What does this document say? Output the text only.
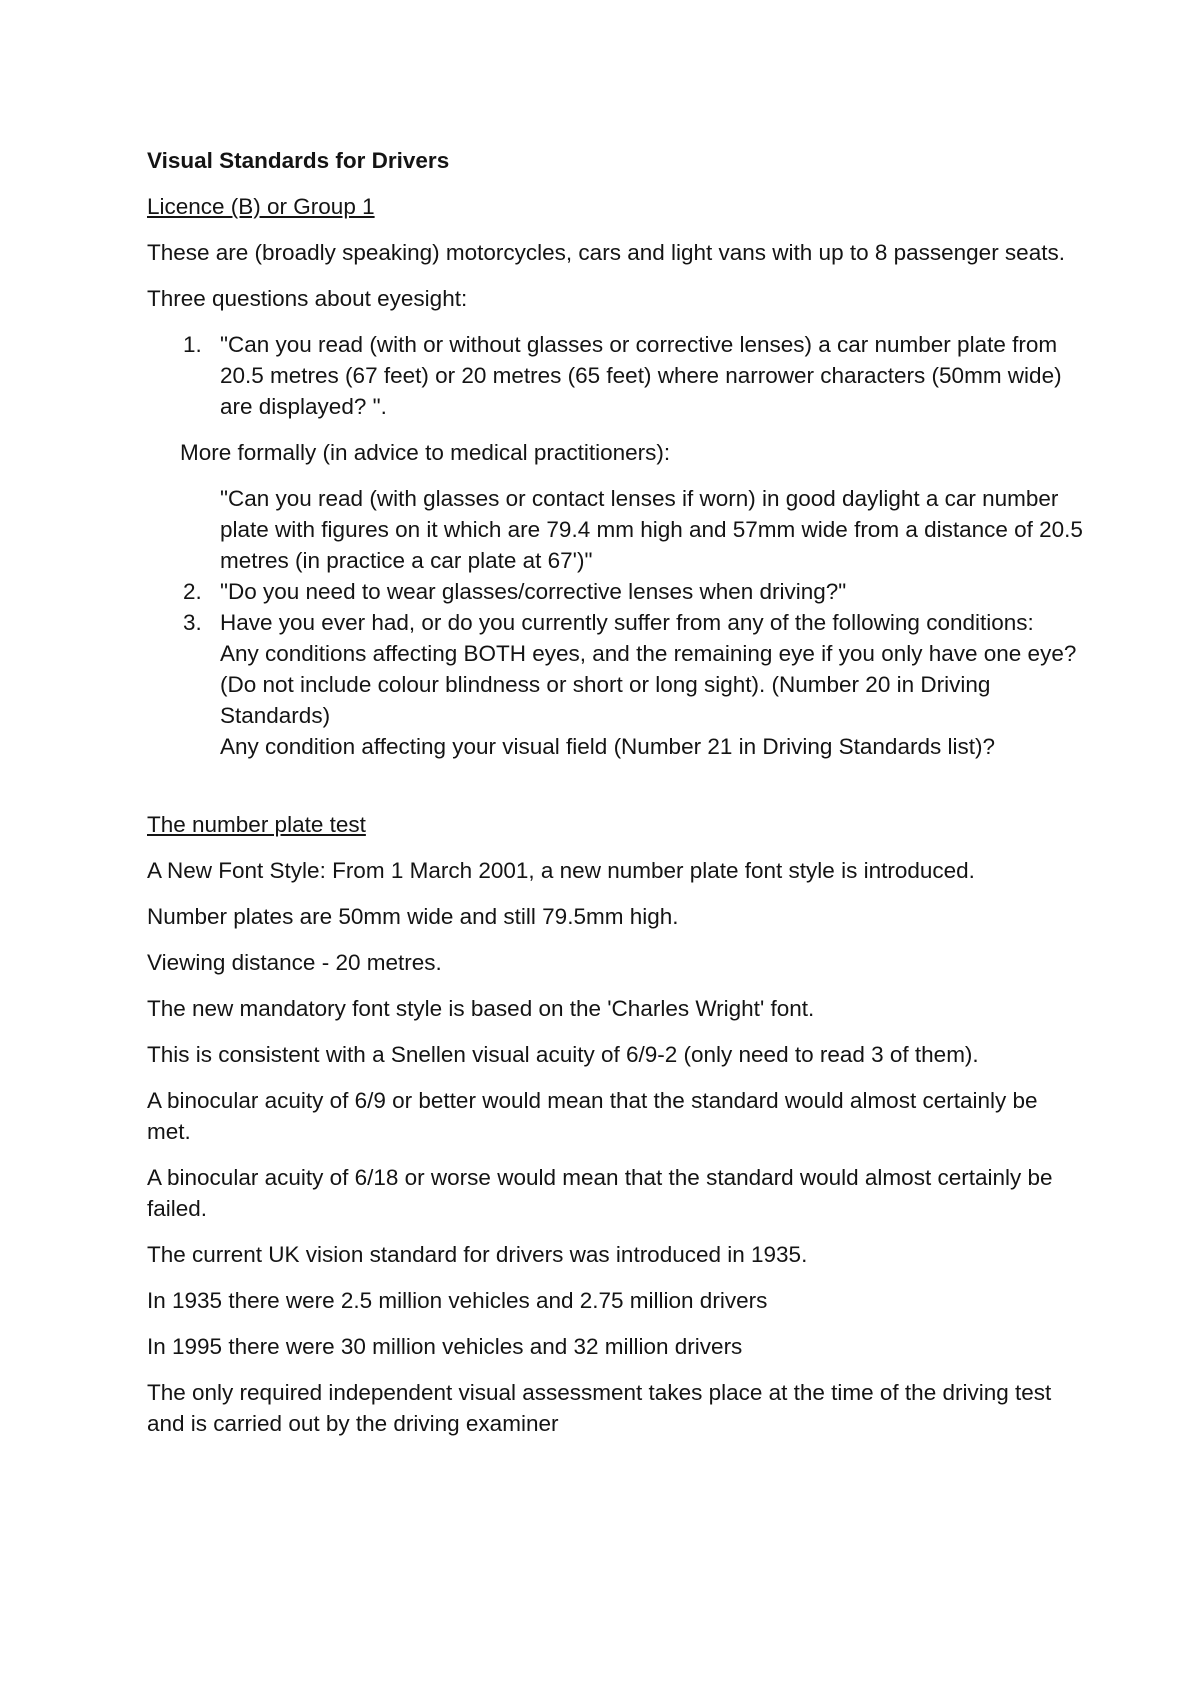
Visual Standards for Drivers
Licence (B) or Group 1
These are (broadly speaking) motorcycles, cars and light vans with up to 8 passenger seats.
Three questions about eyesight:
1. "Can you read (with or without glasses or corrective lenses) a car number plate from 20.5 metres (67 feet) or 20 metres (65 feet) where narrower characters (50mm wide) are displayed? ".
More formally (in advice to medical practitioners):
"Can you read (with glasses or contact lenses if worn) in good daylight a car number plate with figures on it which are 79.4 mm high and 57mm wide from a distance of 20.5 metres (in practice a car plate at 67')"
2. "Do you need to wear glasses/corrective lenses when driving?"
3. Have you ever had, or do you currently suffer from any of the following conditions:
Any conditions affecting BOTH eyes, and the remaining eye if you only have one eye? (Do not include colour blindness or short or long sight). (Number 20 in Driving Standards)
Any condition affecting your visual field (Number 21 in Driving Standards list)?
The number plate test
A New Font Style: From 1 March 2001, a new number plate font style is introduced.
Number plates are 50mm wide and still 79.5mm high.
Viewing distance - 20 metres.
The new mandatory font style is based on the 'Charles Wright' font.
This is consistent with a Snellen visual acuity of 6/9-2 (only need to read 3 of them).
A binocular acuity of 6/9 or better would mean that the standard would almost certainly be met.
A binocular acuity of 6/18 or worse would mean that the standard would almost certainly be failed.
The current UK vision standard for drivers was introduced in 1935.
In 1935 there were 2.5 million vehicles and 2.75 million drivers
In 1995 there were 30 million vehicles and 32 million drivers
The only required independent visual assessment takes place at the time of the driving test and is carried out by the driving examiner
